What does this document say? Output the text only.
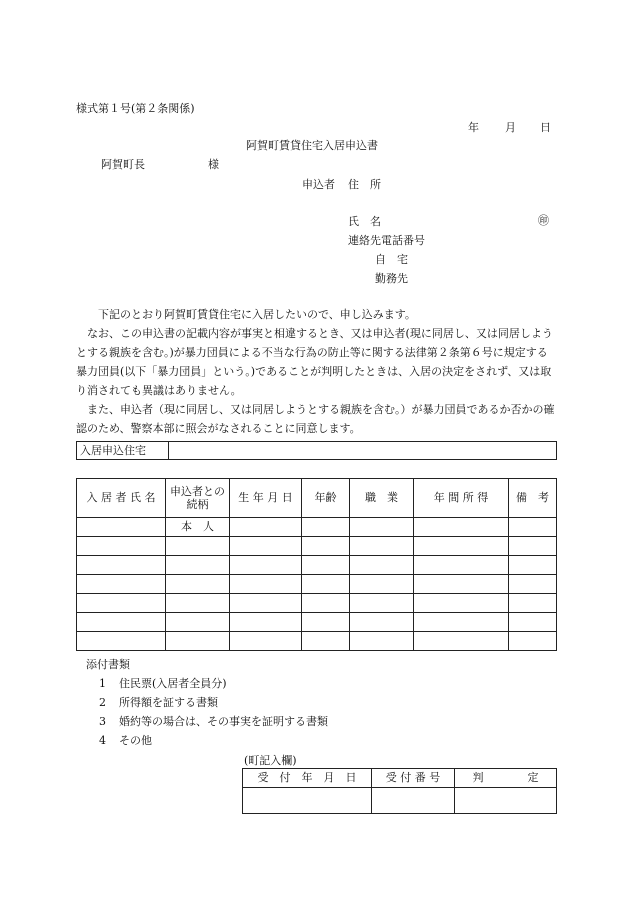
様式第１号(第２条関係)
年 月 日
阿賀町賃貸住宅入居申込書
阿賀町長	様
申込者 住　所
氏　名	㊞
連絡先電話番号
自　宅
勤務先

下記のとおり阿賀町賃貸住宅に入居したいので、申し込みます。

なお、この申込書の記載内容が事実と相違するとき、又は申込者(現に同居し、又は同居しようとする親族を含む。)が暴力団員による不当な行為の防止等に関する法律第２条第６号に規定する暴力団員(以下「暴力団員」という。)であることが判明したときは、入居の決定をされず、又は取り消されても異議はありません。

また、申込者（現に同居し、又は同居しようとする親族を含む。）が暴力団員であるか否かの確認のため、警察本部に照会がなされることに同意します。

入居申込住宅	
入 居 者 氏 名	申込者との続柄	生 年 月 日	年齢	職　業	年 間 所 得	備　考
	本　人					

添付書類
1 住民票(入居者全員分)
2 所得額を証する書類
3 婚約等の場合は、その事実を証明する書類
4 その他
(町記入欄)
受　付　年　月　日	受 付 番 号	判　　　　定
